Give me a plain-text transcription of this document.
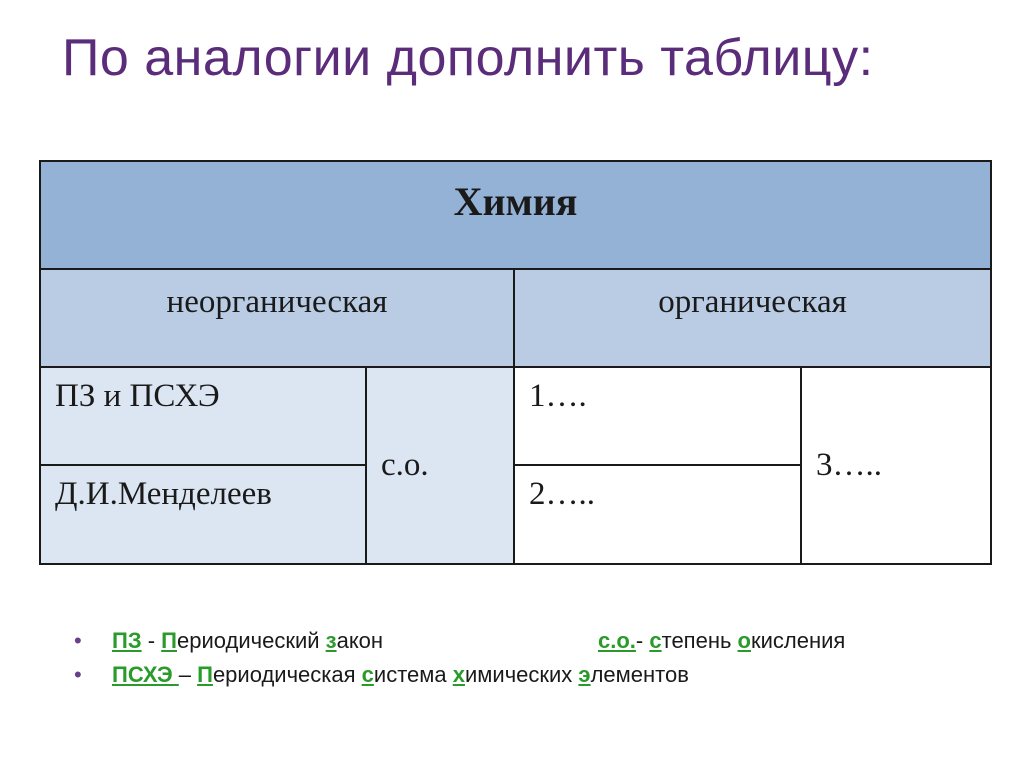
По аналогии дополнить таблицу:
Химия			
неорганическая		органическая	
ПЗ и ПСХЭ	с.о.	1….	3…..
Д.И.Менделеев		2…..	
• ПЗ - Периодический закон	с.о.- степень окисления
• ПСХЭ – Периодическая система химических элементов
